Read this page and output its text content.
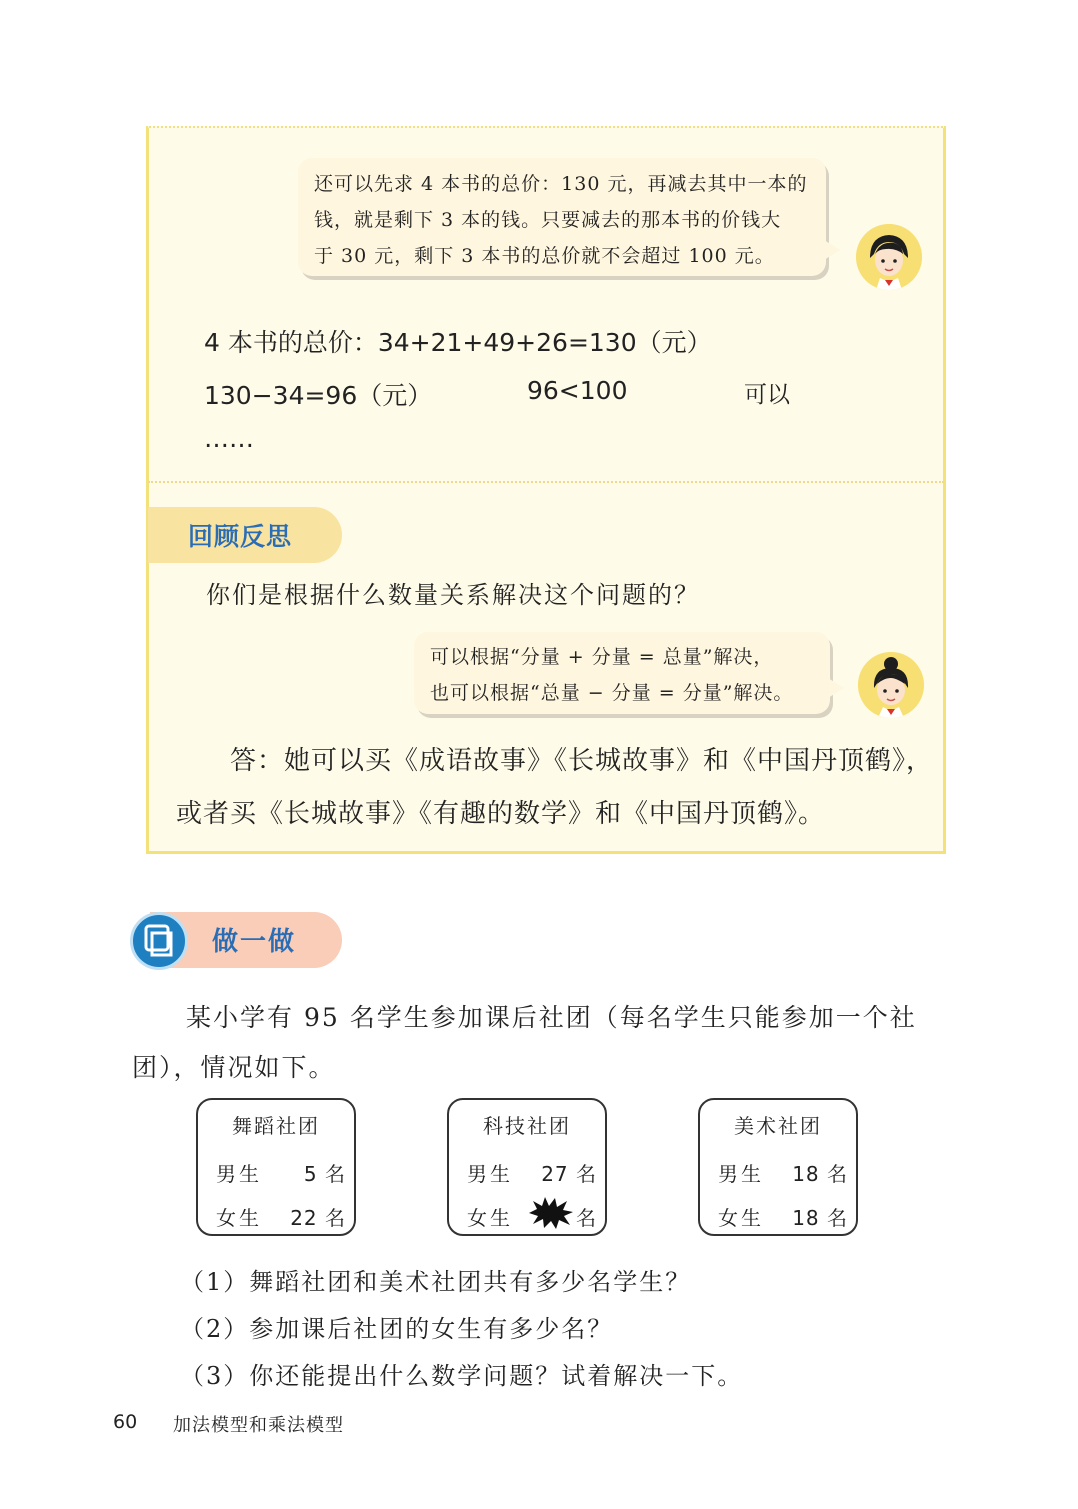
还可以先求 4 本书的总价：130 元，再减去其中一本的
钱，就是剩下 3 本的钱。只要减去的那本书的价钱大
于 30 元，剩下 3 本书的总价就不会超过 100 元。
4 本书的总价：34+21+49+26=130（元）
130−34=96（元）	96<100	可以
……
回顾反思
你们是根据什么数量关系解决这个问题的？
可以根据“分量 + 分量 = 总量”解决，
也可以根据“总量 − 分量 = 分量”解决。
答：她可以买《成语故事》《长城故事》和《中国丹顶鹤》，
或者买《长城故事》《有趣的数学》和《中国丹顶鹤》。
做一做
某小学有 95 名学生参加课后社团（每名学生只能参加一个社
团），情况如下。
舞蹈社团
男生 5 名
女生 22 名
科技社团
男生 27 名
女生	名
美术社团
男生 18 名
女生 18 名
（1）舞蹈社团和美术社团共有多少名学生？
（2）参加课后社团的女生有多少名？
（3）你还能提出什么数学问题？试着解决一下。
60 加法模型和乘法模型
